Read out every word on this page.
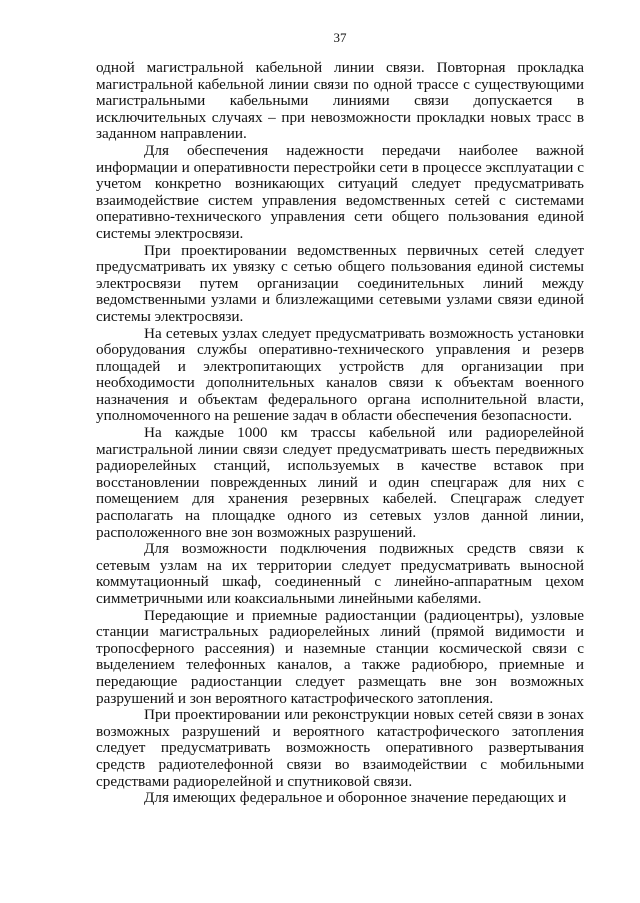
37

одной магистральной кабельной линии связи. Повторная прокладка магистральной кабельной линии связи по одной трассе с существующими магистральными кабельными линиями связи допускается в исключительных случаях – при невозможности прокладки новых трасс в заданном направлении.

Для обеспечения надежности передачи наиболее важной информации и оперативности перестройки сети в процессе эксплуатации с учетом конкретно возникающих ситуаций следует предусматривать взаимодействие систем управления ведомственных сетей с системами оперативно-технического управления сети общего пользования единой системы электросвязи.

При проектировании ведомственных первичных сетей следует предусматривать их увязку с сетью общего пользования единой системы электросвязи путем организации соединительных линий между ведомственными узлами и близлежащими сетевыми узлами связи единой системы электросвязи.

На сетевых узлах следует предусматривать возможность установки оборудования службы оперативно-технического управления и резерв площадей и электропитающих устройств для организации при необходимости дополнительных каналов связи к объектам военного назначения и объектам федерального органа исполнительной власти, уполномоченного на решение задач в области обеспечения безопасности.

На каждые 1000 км трассы кабельной или радиорелейной магистральной линии связи следует предусматривать шесть передвижных радиорелейных станций, используемых в качестве вставок при восстановлении поврежденных линий и один спецгараж для них с помещением для хранения резервных кабелей. Спецгараж следует располагать на площадке одного из сетевых узлов данной линии, расположенного вне зон возможных разрушений.

Для возможности подключения подвижных средств связи к сетевым узлам на их территории следует предусматривать выносной коммутационный шкаф, соединенный с линейно-аппаратным цехом симметричными или коаксиальными линейными кабелями.

Передающие и приемные радиостанции (радиоцентры), узловые станции магистральных радиорелейных линий (прямой видимости и тропосферного рассеяния) и наземные станции космической связи с выделением телефонных каналов, а также радиобюро, приемные и передающие радиостанции следует размещать вне зон возможных разрушений и зон вероятного катастрофического затопления.

При проектировании или реконструкции новых сетей связи в зонах возможных разрушений и вероятного катастрофического затопления следует предусматривать возможность оперативного развертывания средств радиотелефонной связи во взаимодействии с мобильными средствами радиорелейной и спутниковой связи.

Для имеющих федеральное и оборонное значение передающих и
